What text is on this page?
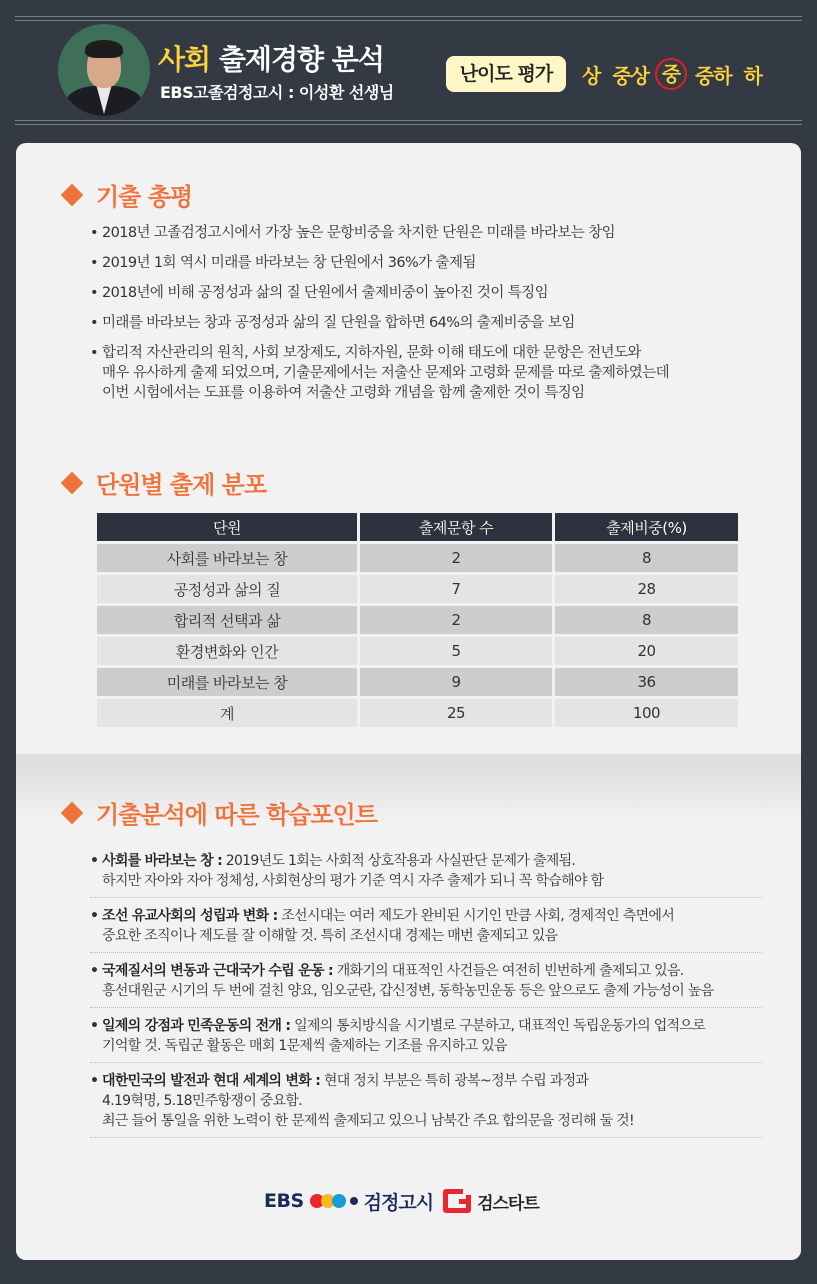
사회 출제경향 분석
EBS고졸검정고시 : 이성환 선생님
난이도 평가	상 중상 중 중하 하
기출 총평
• 2018년 고졸검정고시에서 가장 높은 문항비중을 차지한 단원은 미래를 바라보는 창임
• 2019년 1회 역시 미래를 바라보는 창 단원에서 36%가 출제됨
• 2018년에 비해 공정성과 삶의 질 단원에서 출제비중이 높아진 것이 특징임
• 미래를 바라보는 창과 공정성과 삶의 질 단원을 합하면 64%의 출제비중을 보임
• 합리적 자산관리의 원칙, 사회 보장제도, 지하자원, 문화 이해 태도에 대한 문항은 전년도와
매우 유사하게 출제 되었으며, 기출문제에서는 저출산 문제와 고령화 문제를 따로 출제하였는데
이번 시험에서는 도표를 이용하여 저출산 고령화 개념을 함께 출제한 것이 특징임
단원별 출제 분포
단원	출제문항 수	출제비중(%)
사회를 바라보는 창	2	8
공정성과 삶의 질	7	28
합리적 선택과 삶	2	8
환경변화와 인간	5	20
미래를 바라보는 창	9	36
계	25	100
기출분석에 따른 학습포인트
• 사회를 바라보는 창 : 2019년도 1회는 사회적 상호작용과 사실판단 문제가 출제됨.
하지만 자아와 자아 정체성, 사회현상의 평가 기준 역시 자주 출제가 되니 꼭 학습해야 함
• 조선 유교사회의 성립과 변화 : 조선시대는 여러 제도가 완비된 시기인 만큼 사회, 경제적인 측면에서
중요한 조직이나 제도를 잘 이해할 것. 특히 조선시대 경제는 매번 출제되고 있음
• 국제질서의 변동과 근대국가 수립 운동 : 개화기의 대표적인 사건들은 여전히 빈번하게 출제되고 있음.
흥선대원군 시기의 두 번에 걸친 양요, 임오군란, 갑신정변, 동학농민운동 등은 앞으로도 출제 가능성이 높음
• 일제의 강점과 민족운동의 전개 : 일제의 통치방식을 시기별로 구분하고, 대표적인 독립운동가의 업적으로
기억할 것. 독립군 활동은 매회 1문제씩 출제하는 기조를 유지하고 있음
• 대한민국의 발전과 현대 세계의 변화 : 현대 정치 부분은 특히 광복~정부 수립 과정과
4.19혁명, 5.18민주항쟁이 중요함.
최근 들어 통일을 위한 노력이 한 문제씩 출제되고 있으니 남북간 주요 합의문을 정리해 둘 것!
EBS	검정고시	검스타트
